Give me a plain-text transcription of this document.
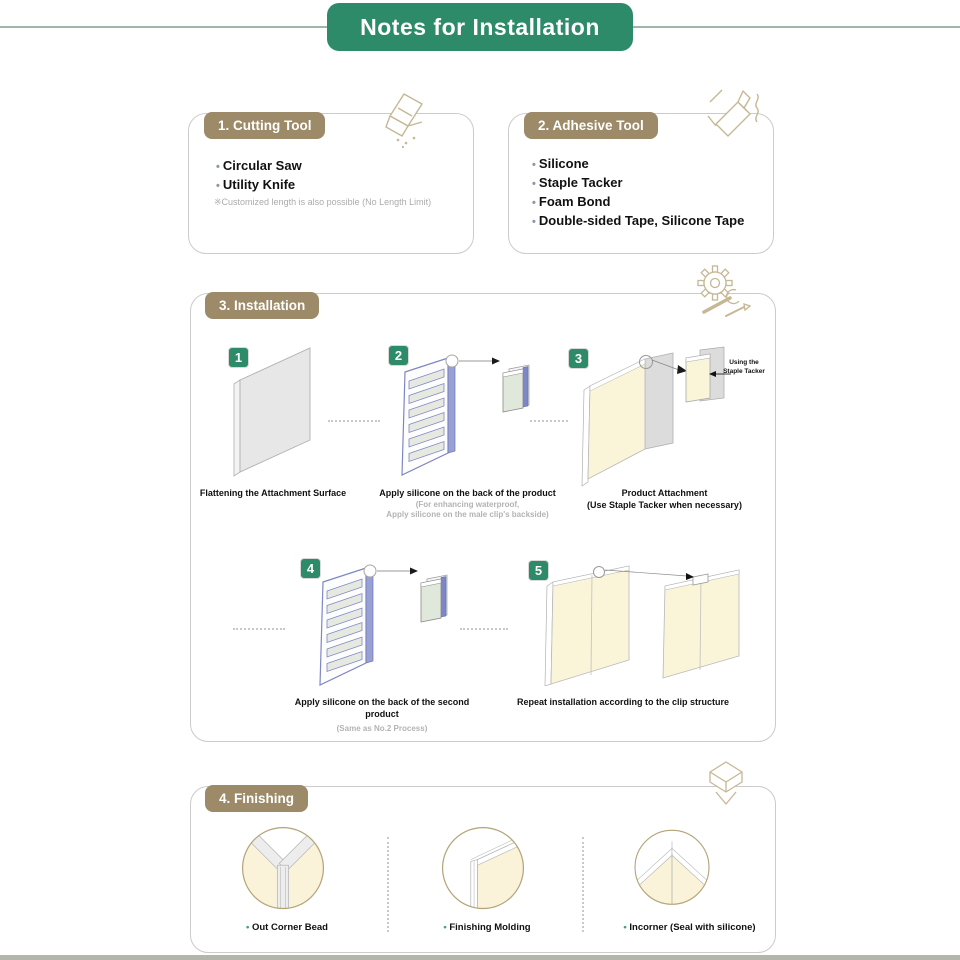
Notes for Installation
1. Cutting Tool
• Circular Saw
• Utility Knife
※Customized length is also possible (No Length Limit)
2. Adhesive Tool
• Silicone
• Staple Tacker
• Foam Bond
• Double-sided Tape, Silicone Tape
3. Installation
1	2	3
4	5
Using the
Staple Tacker
Flattening the Attachment Surface	Apply silicone on the back of the product
(For enhancing waterproof,
Apply silicone on the male clip's backside)
Product Attachment
(Use Staple Tacker when necessary)
Apply silicone on the back of the second product
(Same as No.2 Process)
Repeat installation according to the clip structure
4. Finishing
• Out Corner Bead	• Finishing Molding	• Incorner (Seal with silicone)
